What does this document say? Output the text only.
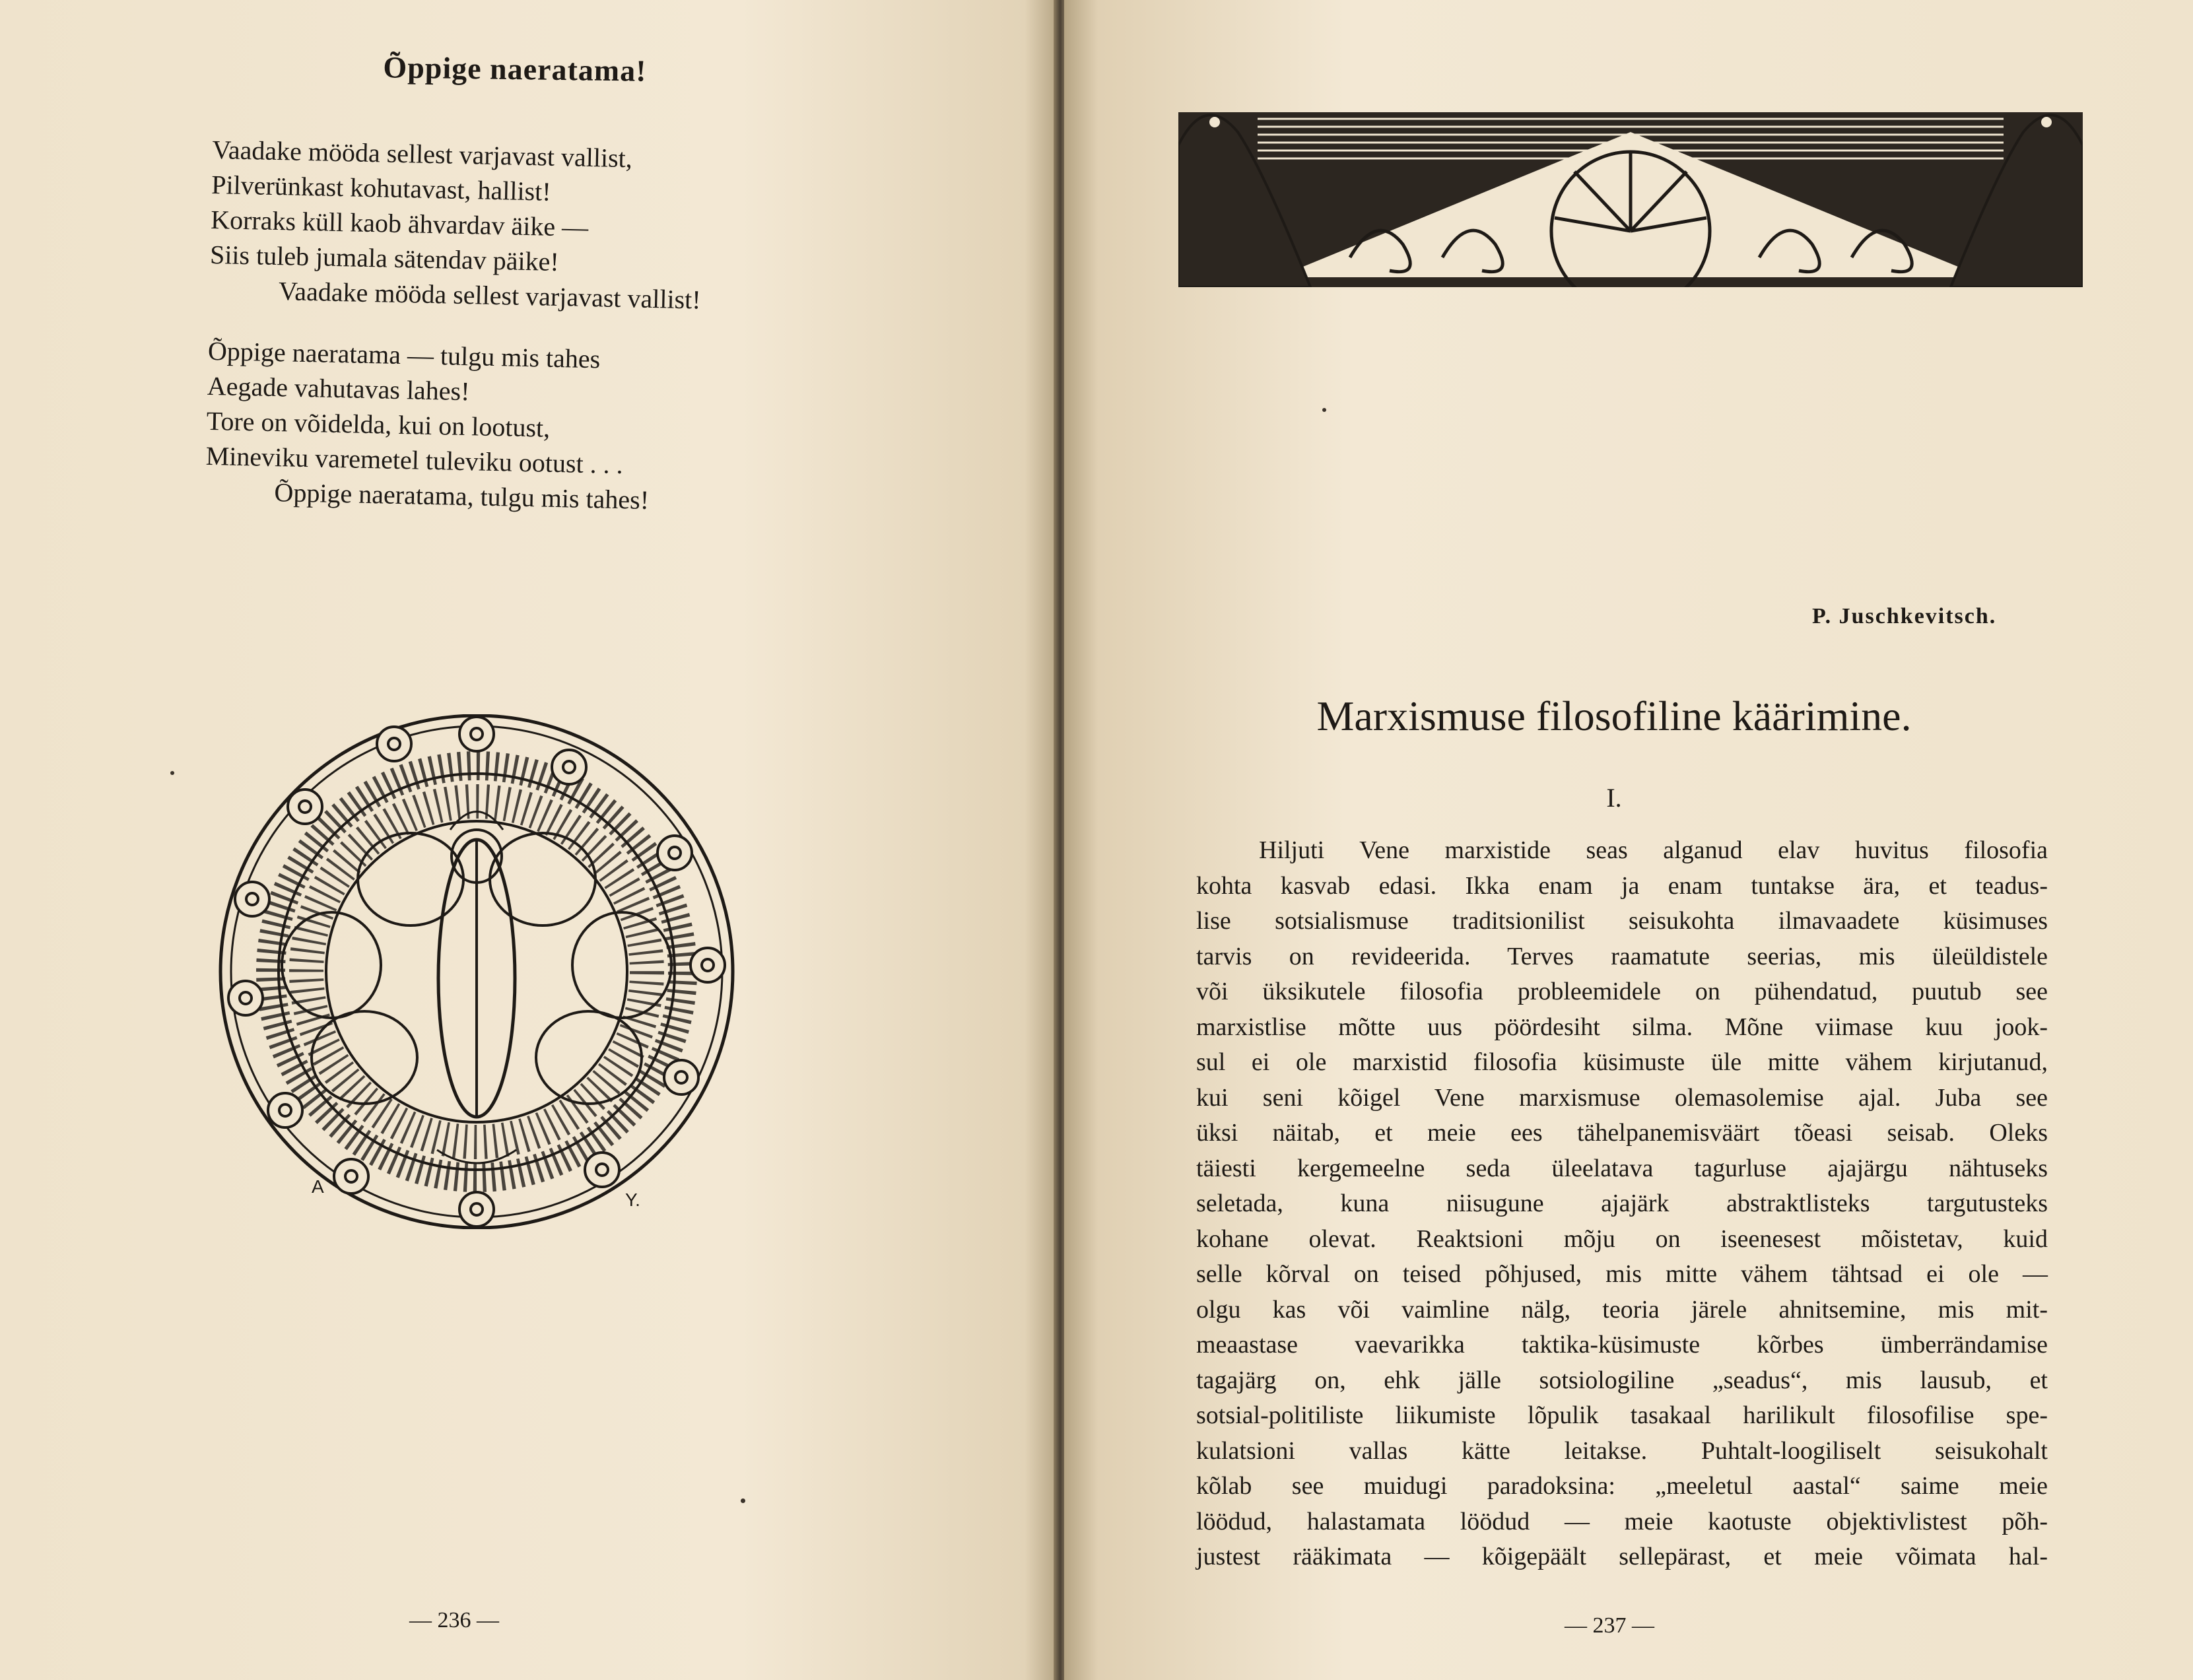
Õppige naeratama!
Vaadake mööda sellest varjavast vallist,
Pilverünkast kohutavast, hallist!
Korraks küll kaob ähvardav äike —
Siis tuleb jumala sätendav päike!
Vaadake mööda sellest varjavast vallist!
Õppige naeratama — tulgu mis tahes
Aegade vahutavas lahes!
Tore on võidelda, kui on lootust,
Mineviku varemetel tuleviku ootust . . .
Õppige naeratama, tulgu mis tahes!
A
Y.
— 236 —
P. Juschkevitsch.
Marxismuse filosofiline käärimine.
I.
Hiljuti Vene marxistide seas alganud elav huvitus filosofia
kohta kasvab edasi. Ikka enam ja enam tuntakse ära, et teadus-
lise sotsialismuse traditsionilist seisukohta ilmavaadete küsimuses
tarvis on revideerida. Terves raamatute seerias, mis üleüldistele
või üksikutele filosofia probleemidele on pühendatud, puutub see
marxistlise mõtte uus pöördesiht silma. Mõne viimase kuu jook-
sul ei ole marxistid filosofia küsimuste üle mitte vähem kirjutanud,
kui seni kõigel Vene marxismuse olemasolemise ajal. Juba see
üksi näitab, et meie ees tähelpanemisväärt tõeasi seisab. Oleks
täiesti kergemeelne seda üleelatava tagurluse ajajärgu nähtuseks
seletada, kuna niisugune ajajärk abstraktlisteks targutusteks
kohane olevat. Reaktsioni mõju on iseenesest mõistetav, kuid
selle kõrval on teised põhjused, mis mitte vähem tähtsad ei ole —
olgu kas või vaimline nälg, teoria järele ahnitsemine, mis mit-
meaastase vaevarikka taktika-küsimuste kõrbes ümberrändamise
tagajärg on, ehk jälle sotsiologiline „seadus“, mis lausub, et
sotsial-politiliste liikumiste lõpulik tasakaal harilikult filosofilise spe-
kulatsioni vallas kätte leitakse. Puhtalt-loogiliselt seisukohalt
kõlab see muidugi paradoksina: „meeletul aastal“ saime meie
löödud, halastamata löödud — meie kaotuste objektivlistest põh-
justest rääkimata — kõigepäält sellepärast, et meie võimata hal-
— 237 —
